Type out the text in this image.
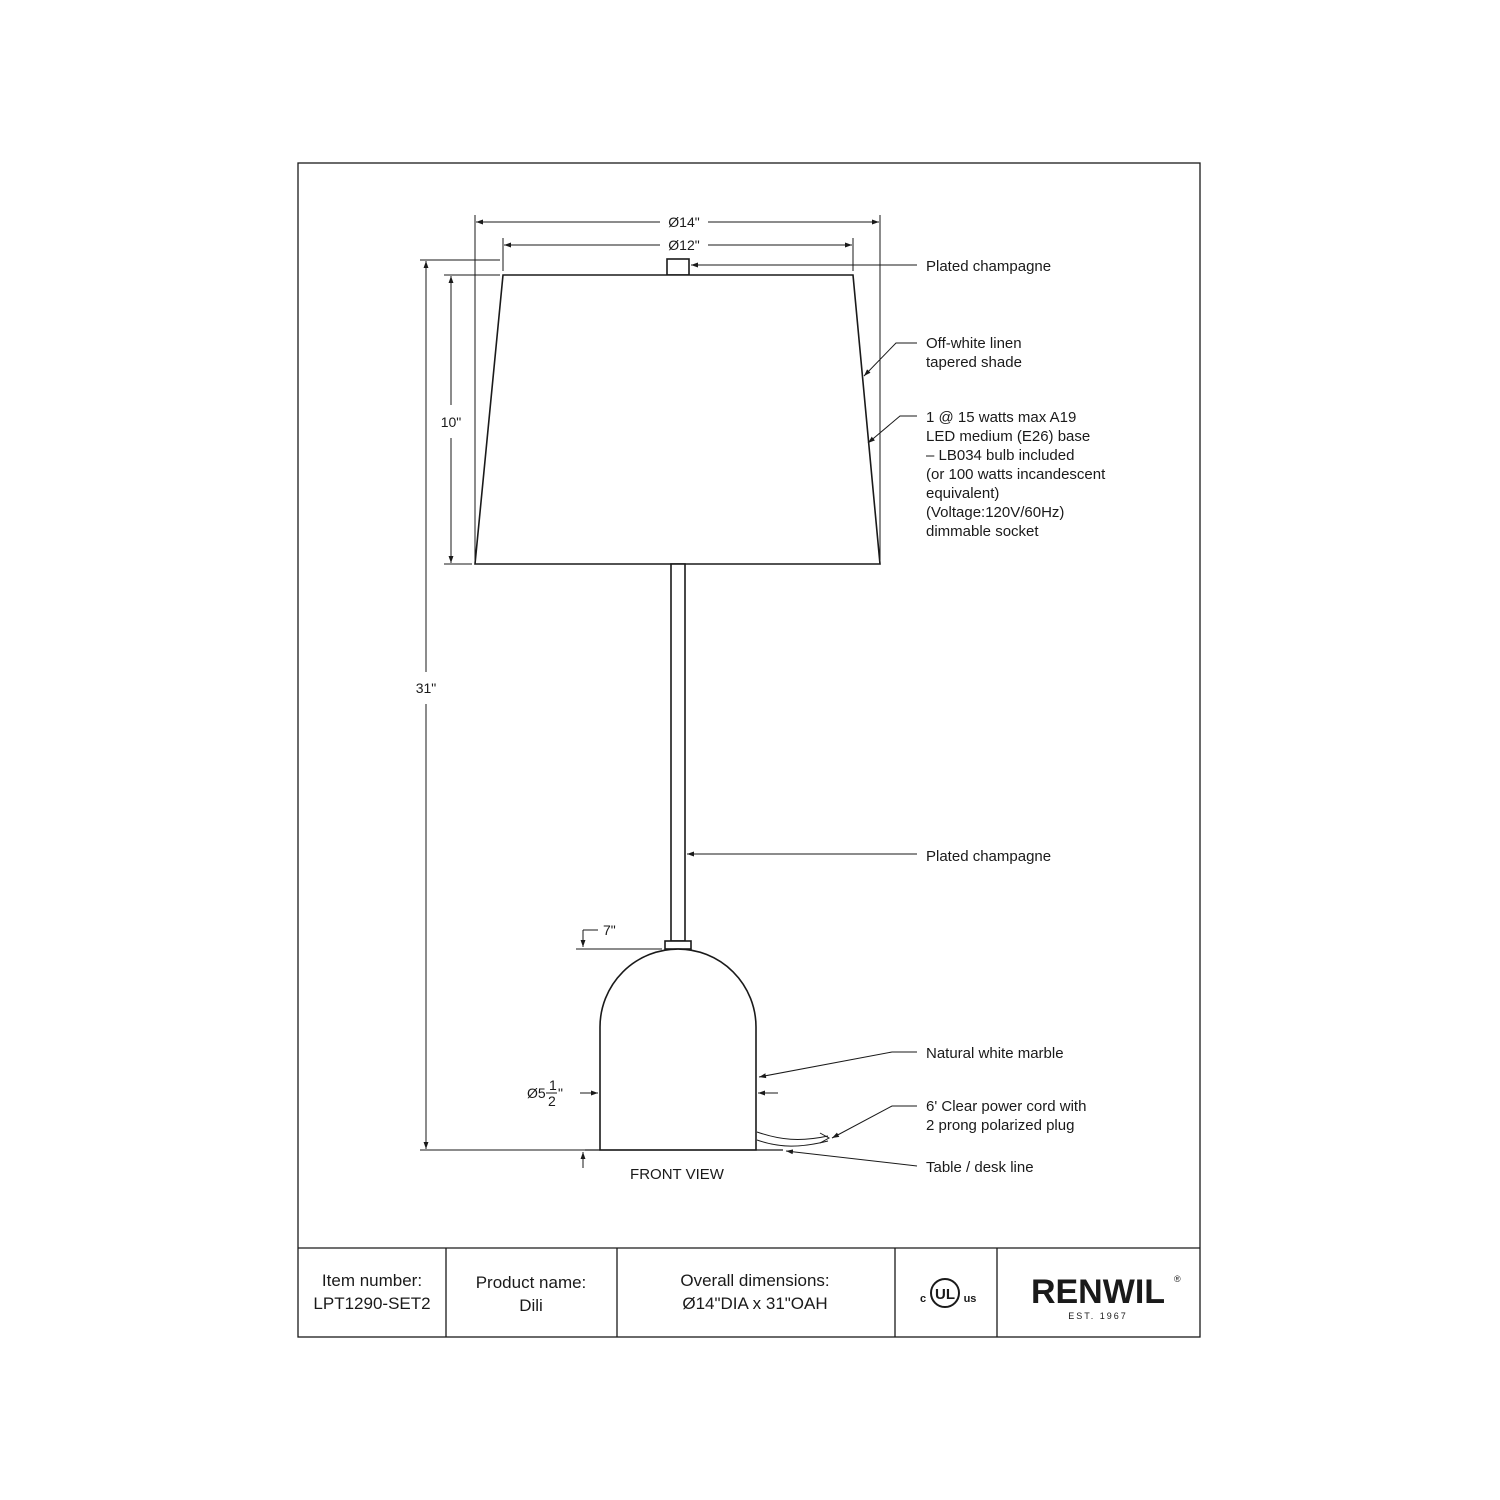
Ø14"
Ø12"
10"
31"
7"
Ø5 1
2 "
Plated champagne
Off-white linen
tapered shade
1 @ 15 watts max A19
LED medium (E26) base
– LB034 bulb included
(or 100 watts incandescent
equivalent)
(Voltage:120V/60Hz)
dimmable socket
Plated champagne
Natural white marble
6' Clear power cord with
2 prong polarized plug
Table / desk line
FRONT VIEW
Item number:
LPT1290-SET2
Product name:
Dili
Overall dimensions:
Ø14"DIA x 31"OAH	UL
c	us RENWIL ®
EST. 1967
